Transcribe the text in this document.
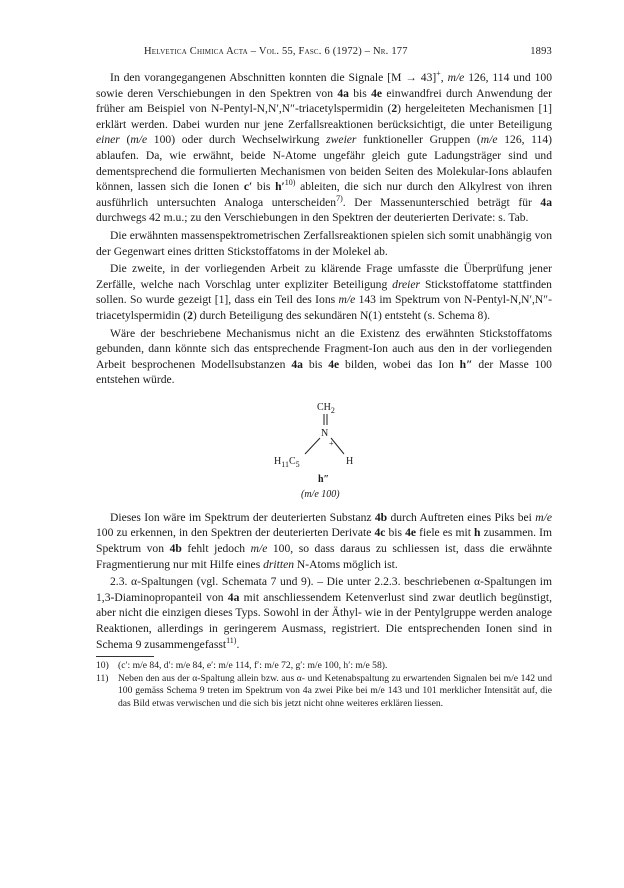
Helvetica Chimica Acta – Vol. 55, Fasc. 6 (1972) – Nr. 177	1893

In den vorangegangenen Abschnitten konnten die Signale [M → 43]+, m/e 126, 114 und 100 sowie deren Verschiebungen in den Spektren von 4a bis 4e einwandfrei durch Anwendung der früher am Beispiel von N-Pentyl-N,N′,N″-triacetylspermidin (2) hergeleiteten Mechanismen [1] erklärt werden. Dabei wurden nur jene Zerfallsreaktionen berücksichtigt, die unter Beteiligung einer (m/e 100) oder durch Wechselwirkung zweier funktioneller Gruppen (m/e 126, 114) ablaufen. Da, wie erwähnt, beide N-Atome ungefähr gleich gute Ladungsträger sind und dementsprechend die formulierten Mechanismen von beiden Seiten des Molekular-Ions ablaufen können, lassen sich die Ionen c′ bis $h'^{10)}$ ableiten, die sich nur durch den Alkylrest von ihren ausführlich untersuchten Analoga unterscheiden$^{7)}$. Der Massenunterschied beträgt für 4a durchwegs 42 m.u.; zu den Verschiebungen in den Spektren der deuterierten Derivate: s. Tab.

Die erwähnten massenspektrometrischen Zerfallsreaktionen spielen sich somit unabhängig von der Gegenwart eines dritten Stickstoffatoms in der Molekel ab.

Die zweite, in der vorliegenden Arbeit zu klärende Frage umfasste die Überprüfung jener Zerfälle, welche nach Vorschlag unter expliziter Beteiligung dreier Stickstoffatome stattfinden sollen. So wurde gezeigt [1], dass ein Teil des Ions m/e 143 im Spektrum von N-Pentyl-N,N′,N″-triacetylspermidin (2) durch Beteiligung des sekundären N(1) entsteht (s. Schema 8).

Wäre der beschriebene Mechanismus nicht an die Existenz des erwähnten Stickstoffatoms gebunden, dann könnte sich das entsprechende Fragment-Ion auch aus den in der vorliegenden Arbeit besprochenen Modellsubstanzen 4a bis 4e bilden, wobei das Ion h″ der Masse 100 entstehen würde.

$CH_2$
N
+
$H_{11}C_5$	H
h″
(m/e 100)

Dieses Ion wäre im Spektrum der deuterierten Substanz 4b durch Auftreten eines Piks bei m/e 100 zu erkennen, in den Spektren der deuterierten Derivate 4c bis 4e fiele es mit h zusammen. Im Spektrum von 4b fehlt jedoch m/e 100, so dass daraus zu schliessen ist, dass die erwähnte Fragmentierung nur mit Hilfe eines dritten N-Atoms möglich ist.

2.3. α-Spaltungen (vgl. Schemata 7 und 9). – Die unter 2.2.3. beschriebenen α-Spaltungen im 1,3-Diaminopropanteil von 4a mit anschliessendem Ketenverlust sind zwar deutlich begünstigt, aber nicht die einzigen dieses Typs. Sowohl in der Äthyl- wie in der Pentylgruppe werden analoge Reaktionen, allerdings in geringerem Ausmass, registriert. Die entsprechenden Ionen sind in Schema 9 zusammengefasst$^{11)}$.

10) (c′: m/e 84, d′: m/e 84, e′: m/e 114, f′: m/e 72, g′: m/e 100, h′: m/e 58).
11) Neben den aus der α-Spaltung allein bzw. aus α- und Ketenabspaltung zu erwartenden Signalen bei m/e 142 und 100 gemäss Schema 9 treten im Spektrum von 4a zwei Pike bei m/e 143 und 101 merklicher Intensität auf, die das Bild etwas verwischen und die sich bis jetzt nicht ohne weiteres erklären liessen.
